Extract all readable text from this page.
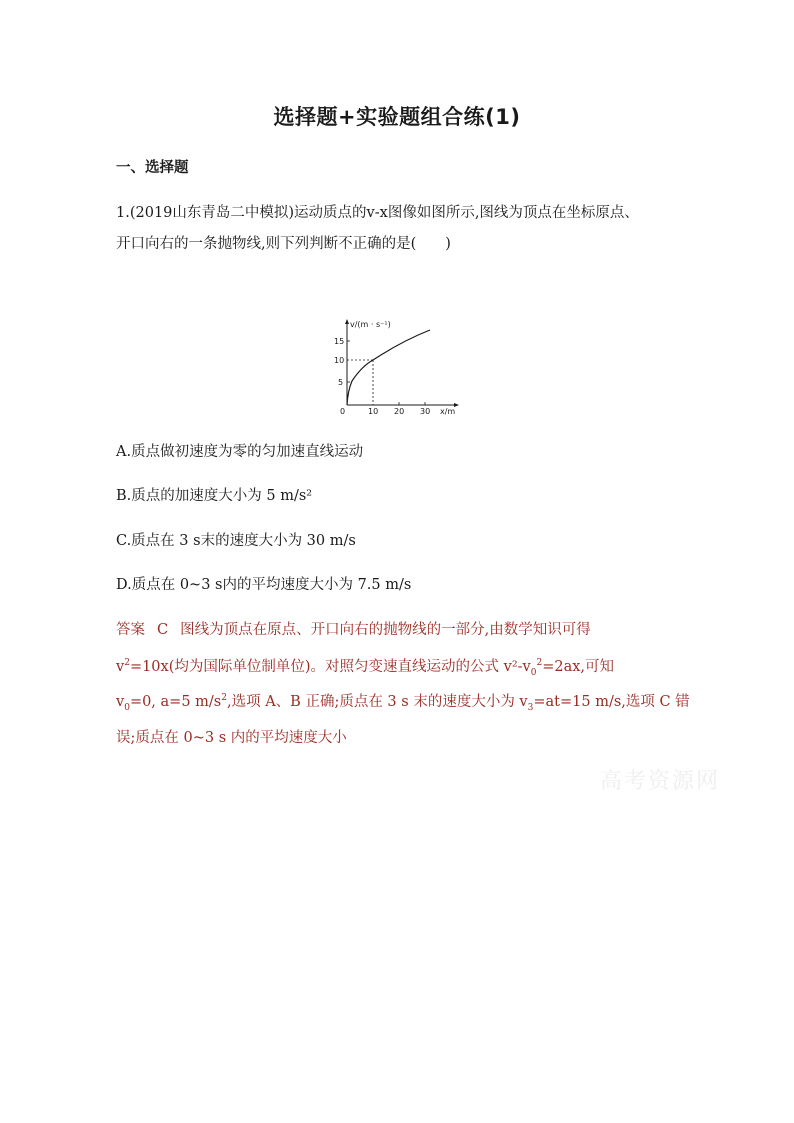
选择题+实验题组合练(1)
一、选择题
1.(2019山东青岛二中模拟)运动质点的v-x图像如图所示,图线为顶点在坐标原点、
开口向右的一条抛物线,则下列判断不正确的是(　　)
v/(m · s⁻¹)
5
10
15
0	10 20 30 x/m
A.质点做初速度为零的匀加速直线运动
B.质点的加速度大小为 5 m/s²
C.质点在 3 s末的速度大小为 30 m/s
D.质点在 0~3 s内的平均速度大小为 7.5 m/s
答案 C 图线为顶点在原点、开口向右的抛物线的一部分,由数学知识可得
$v^2=10x$(均为国际单位制单位)。对照匀变速直线运动的公式 $v^2-v_0^2=2ax$,可知
$v_0=0$, a=5 $m/s^2$,选项 A、B 正确;质点在 3 s 末的速度大小为 $v_3=at=15$ m/s,选项 C 错
误;质点在 0~3 s 内的平均速度大小
高考资源网
